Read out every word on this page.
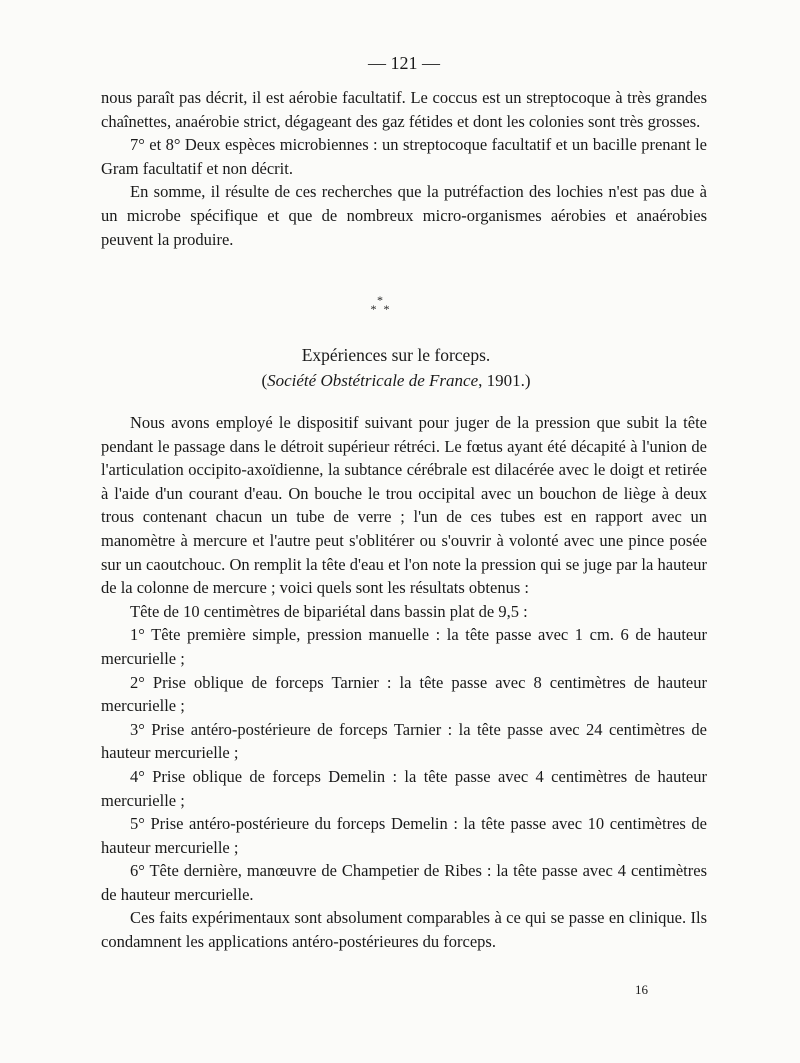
— 121 —

nous paraît pas décrit, il est aérobie facultatif. Le coccus est un streptocoque à très grandes chaînettes, anaérobie strict, dégageant des gaz fétides et dont les colonies sont très grosses.

7° et 8° Deux espèces microbiennes : un streptocoque facultatif et un bacille prenant le Gram facultatif et non décrit.

En somme, il résulte de ces recherches que la putréfaction des lochies n'est pas due à un microbe spécifique et que de nombreux micro-organismes aérobies et anaérobies peuvent la produire.

*
* *
Expériences sur le forceps.
(Société Obstétricale de France, 1901.)

Nous avons employé le dispositif suivant pour juger de la pression que subit la tête pendant le passage dans le détroit supérieur rétréci. Le fœtus ayant été décapité à l'union de l'articulation occipito-axoïdienne, la subtance cérébrale est dilacérée avec le doigt et retirée à l'aide d'un courant d'eau. On bouche le trou occipital avec un bouchon de liège à deux trous contenant chacun un tube de verre ; l'un de ces tubes est en rapport avec un manomètre à mercure et l'autre peut s'oblitérer ou s'ouvrir à volonté avec une pince posée sur un caoutchouc. On remplit la tête d'eau et l'on note la pression qui se juge par la hauteur de la colonne de mercure ; voici quels sont les résultats obtenus :

Tête de 10 centimètres de bipariétal dans bassin plat de 9,5 :

1° Tête première simple, pression manuelle : la tête passe avec 1 cm. 6 de hauteur mercurielle ;

2° Prise oblique de forceps Tarnier : la tête passe avec 8 centimètres de hauteur mercurielle ;

3° Prise antéro-postérieure de forceps Tarnier : la tête passe avec 24 centimètres de hauteur mercurielle ;

4° Prise oblique de forceps Demelin : la tête passe avec 4 centimètres de hauteur mercurielle ;

5° Prise antéro-postérieure du forceps Demelin : la tête passe avec 10 centimètres de hauteur mercurielle ;

6° Tête dernière, manœuvre de Champetier de Ribes : la tête passe avec 4 centimètres de hauteur mercurielle.

Ces faits expérimentaux sont absolument comparables à ce qui se passe en clinique. Ils condamnent les applications antéro-postérieures du forceps.

16
